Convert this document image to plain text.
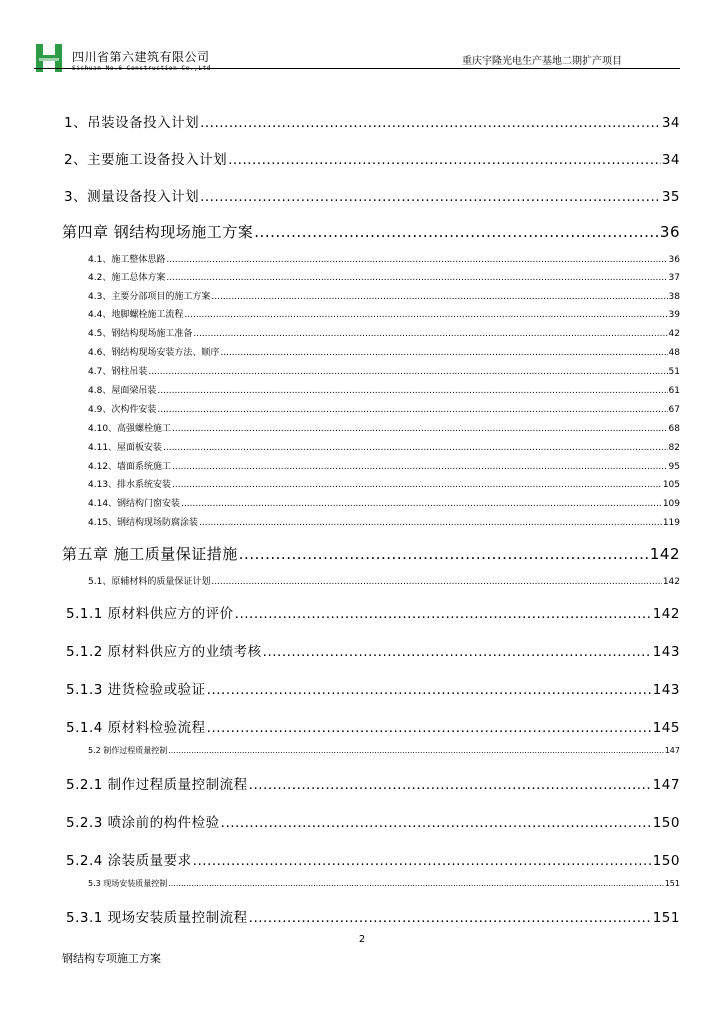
四川省第六建筑有限公司	重庆宇隆光电生产基地二期扩产项目
1、吊装设备投入计划 .....	34
2、主要施工设备投入计划 .....	34
3、测量设备投入计划 .....	35
第四章 钢结构现场施工方案 .....	36
4.1、施工整体思路 .....	36
4.2、施工总体方案 .....	37
4.3、主要分部项目的施工方案 .....	38
4.4、地脚螺栓施工流程 .....	39
4.5、钢结构现场施工准备 .....	42
4.6、钢结构现场安装方法、顺序 .....	48
4.7、钢柱吊装 .....	51
4.8、屋面梁吊装 .....	61
4.9、次构件安装 .....	67
4.10、高强螺栓施工 .....	68
4.11、屋面板安装 .....	82
4.12、墙面系统施工 .....	95
4.13、排水系统安装 .....	105
4.14、钢结构门窗安装 .....	109
4.15、钢结构现场防腐涂装 .....	119
第五章 施工质量保证措施 .....	142
5.1、原辅材料的质量保证计划 .....	142
5.1.1 原材料供应方的评价 .....	142
5.1.2 原材料供应方的业绩考核 .....	143
5.1.3 进货检验或验证 .....	143
5.1.4 原材料检验流程 .....	145
5.2 制作过程质量控制 .....	147
5.2.1 制作过程质量控制流程 .....	147
5.2.3 喷涂前的构件检验 .....	150
5.2.4 涂装质量要求 .....	150
5.3 现场安装质量控制 .....	151
5.3.1 现场安装质量控制流程 .....	151
2
钢结构专项施工方案
